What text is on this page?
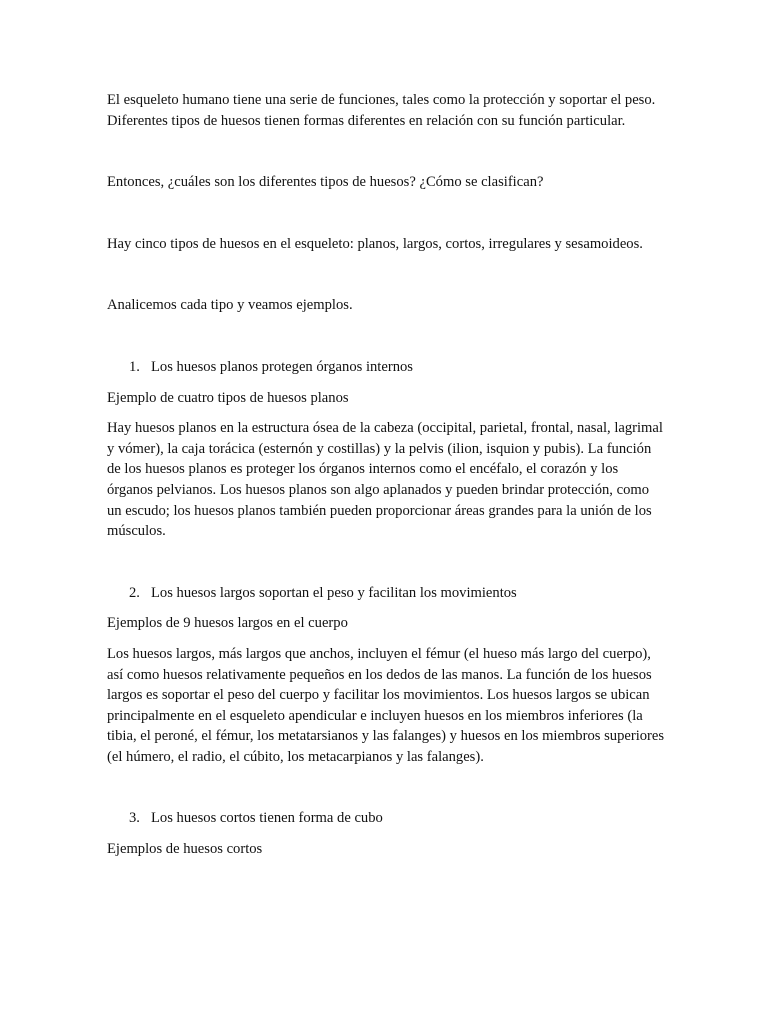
El esqueleto humano tiene una serie de funciones, tales como la protección y soportar el peso. Diferentes tipos de huesos tienen formas diferentes en relación con su función particular.

Entonces, ¿cuáles son los diferentes tipos de huesos? ¿Cómo se clasifican?

Hay cinco tipos de huesos en el esqueleto: planos, largos, cortos, irregulares y sesamoideos.

Analicemos cada tipo y veamos ejemplos.

1. Los huesos planos protegen órganos internos

Ejemplo de cuatro tipos de huesos planos

Hay huesos planos en la estructura ósea de la cabeza (occipital, parietal, frontal, nasal, lagrimal y vómer), la caja torácica (esternón y costillas) y la pelvis (ilion, isquion y pubis). La función de los huesos planos es proteger los órganos internos como el encéfalo, el corazón y los órganos pelvianos. Los huesos planos son algo aplanados y pueden brindar protección, como un escudo; los huesos planos también pueden proporcionar áreas grandes para la unión de los músculos.

2. Los huesos largos soportan el peso y facilitan los movimientos

Ejemplos de 9 huesos largos en el cuerpo

Los huesos largos, más largos que anchos, incluyen el fémur (el hueso más largo del cuerpo), así como huesos relativamente pequeños en los dedos de las manos. La función de los huesos largos es soportar el peso del cuerpo y facilitar los movimientos. Los huesos largos se ubican principalmente en el esqueleto apendicular e incluyen huesos en los miembros inferiores (la tibia, el peroné, el fémur, los metatarsianos y las falanges) y huesos en los miembros superiores (el húmero, el radio, el cúbito, los metacarpianos y las falanges).

3. Los huesos cortos tienen forma de cubo

Ejemplos de huesos cortos
